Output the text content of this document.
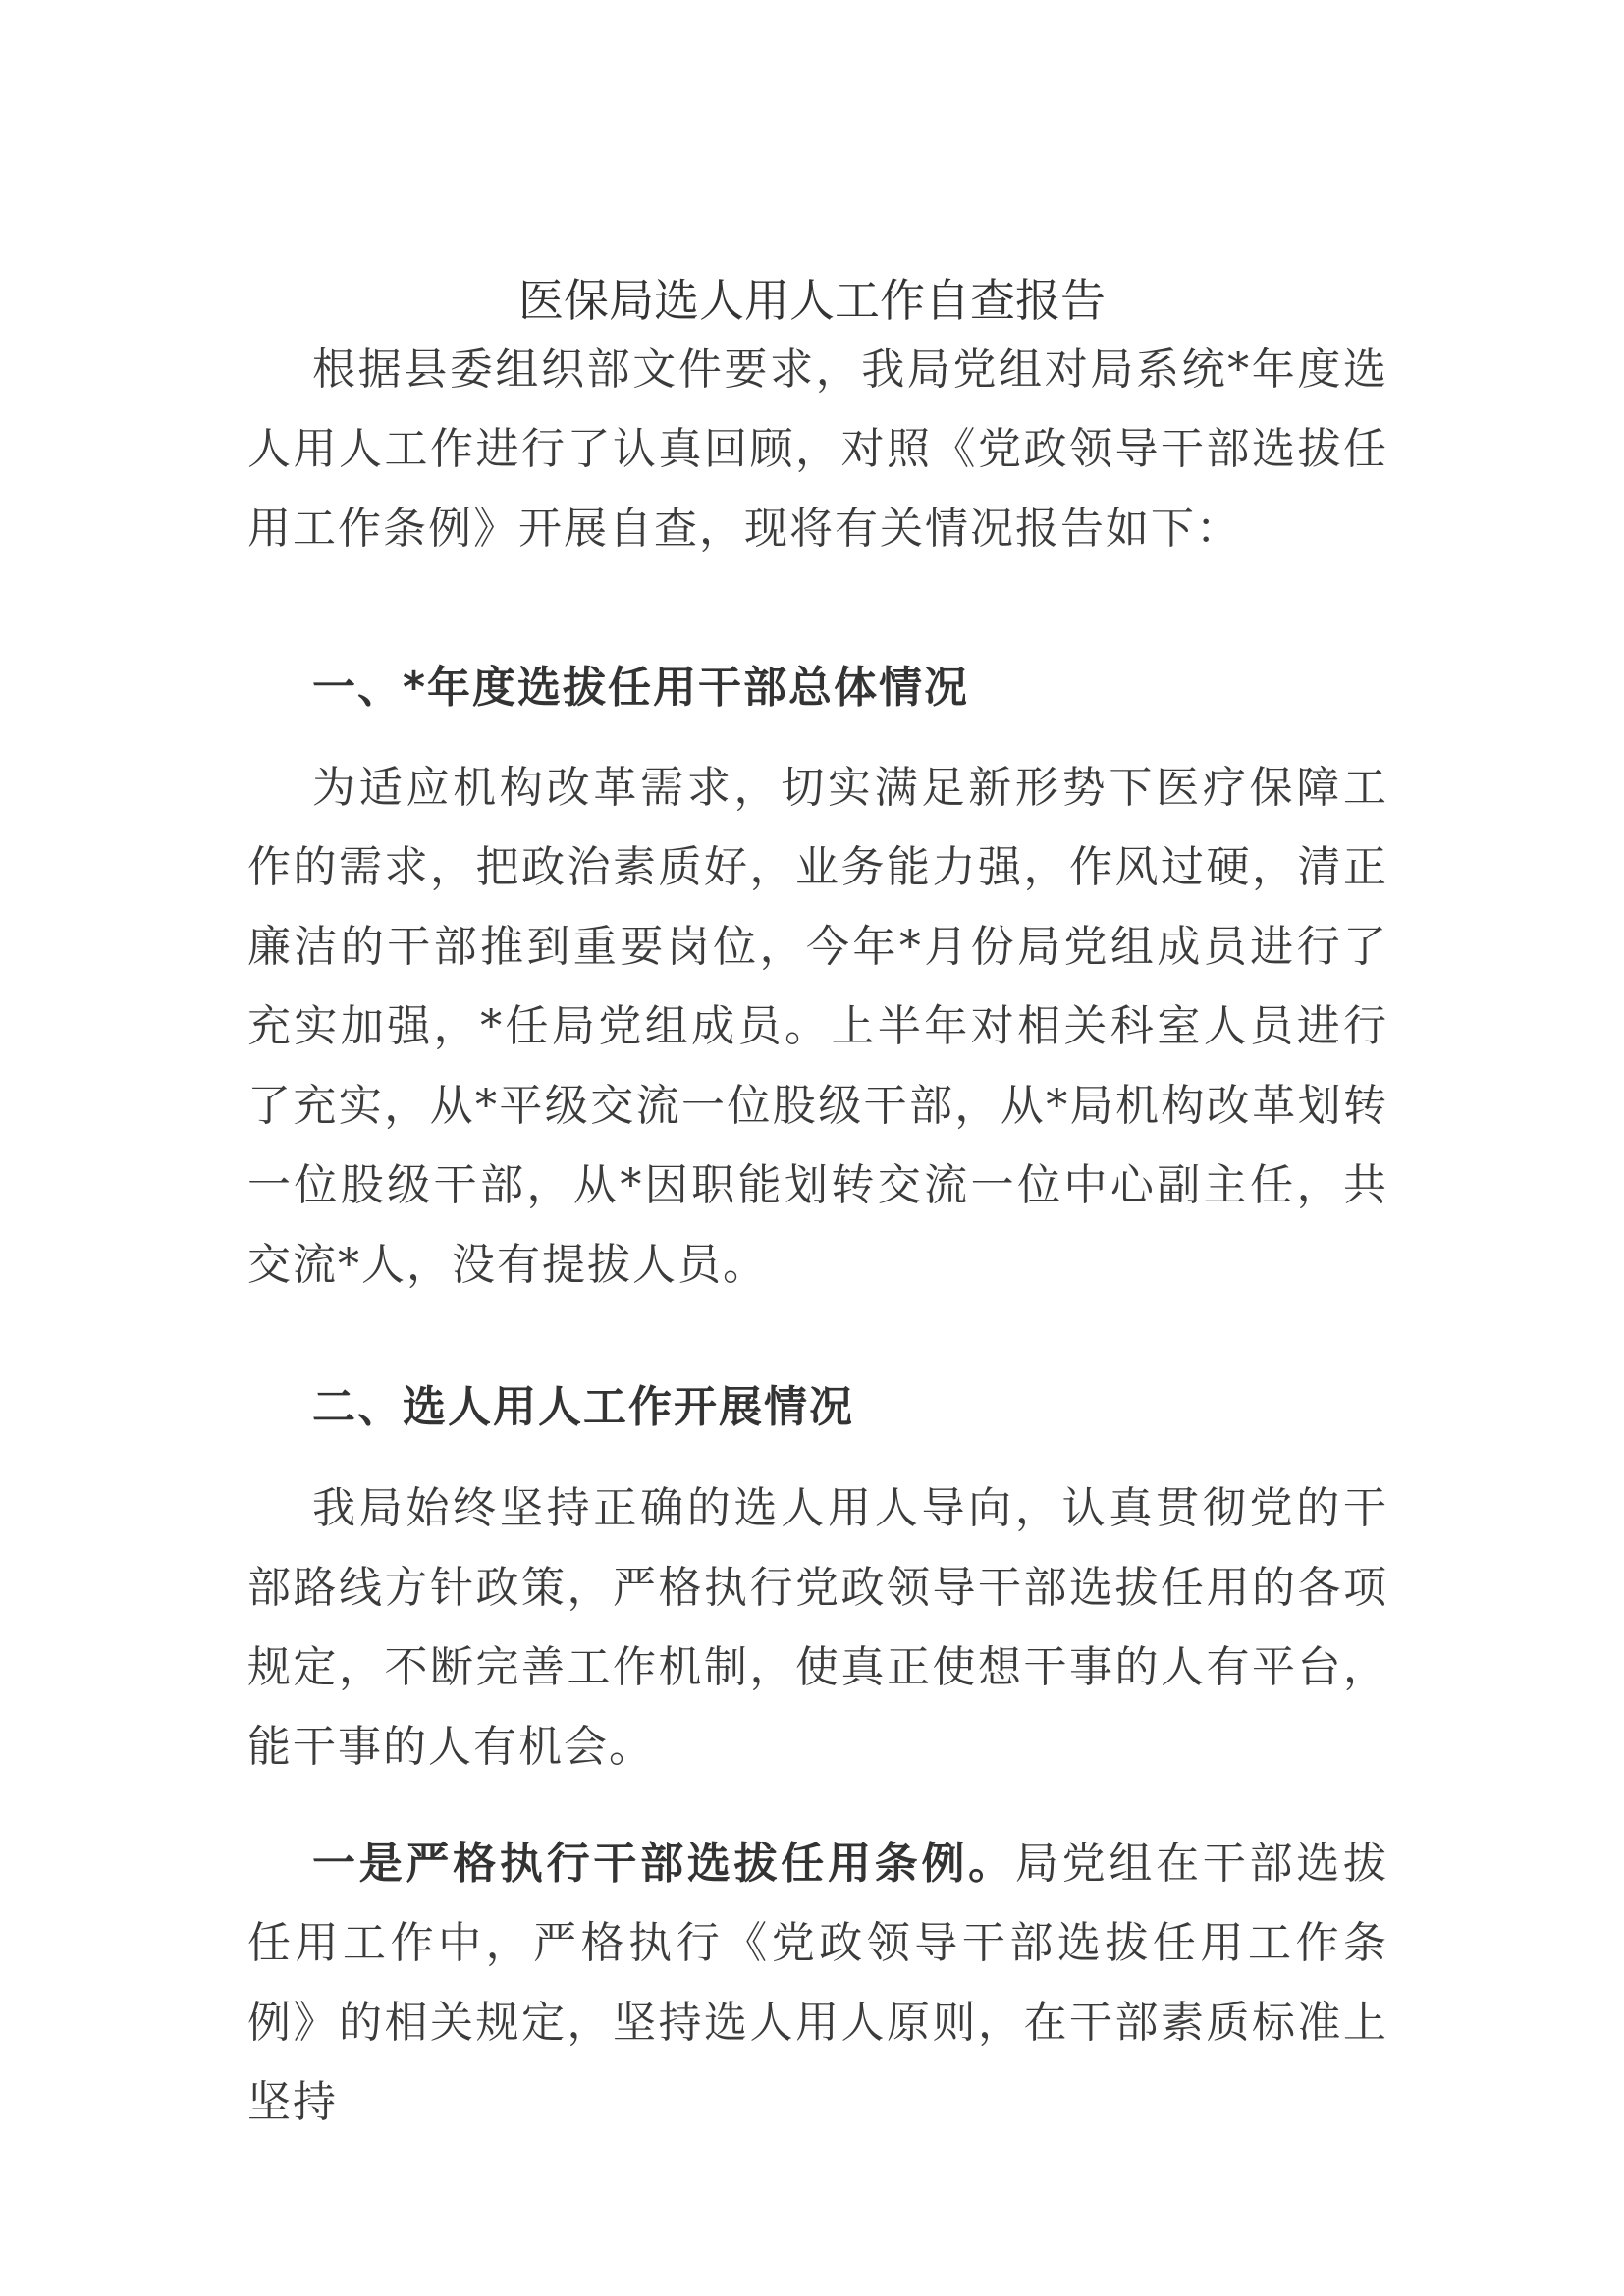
医保局选人用人工作自查报告

根据县委组织部文件要求，我局党组对局系统*年度选人用人工作进行了认真回顾，对照《党政领导干部选拔任用工作条例》开展自查，现将有关情况报告如下：

一、*年度选拔任用干部总体情况

为适应机构改革需求，切实满足新形势下医疗保障工作的需求，把政治素质好，业务能力强，作风过硬，清正廉洁的干部推到重要岗位，今年*月份局党组成员进行了充实加强，*任局党组成员。上半年对相关科室人员进行了充实，从*平级交流一位股级干部，从*局机构改革划转一位股级干部，从*因职能划转交流一位中心副主任，共交流*人，没有提拔人员。

二、选人用人工作开展情况

我局始终坚持正确的选人用人导向，认真贯彻党的干部路线方针政策，严格执行党政领导干部选拔任用的各项规定，不断完善工作机制，使真正使想干事的人有平台，能干事的人有机会。

一是严格执行干部选拔任用条例。局党组在干部选拔任用工作中，严格执行《党政领导干部选拔任用工作条例》的相关规定，坚持选人用人原则，在干部素质标准上坚持
